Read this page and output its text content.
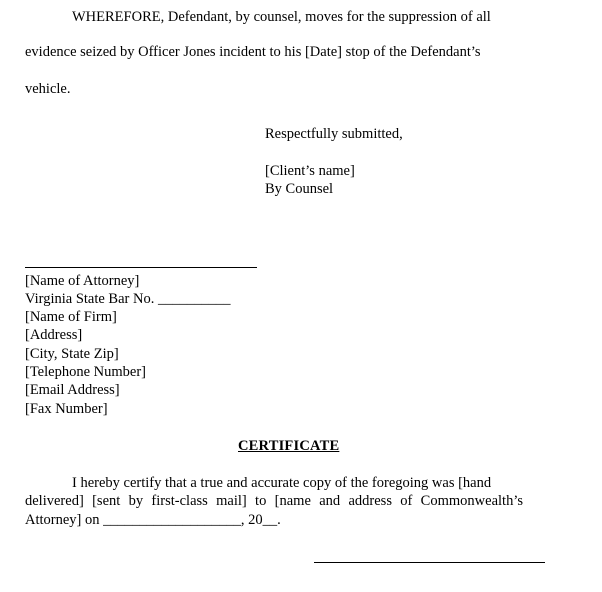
WHEREFORE, Defendant, by counsel, moves for the suppression of all
evidence seized by Officer Jones incident to his [Date] stop of the Defendant’s
vehicle.
Respectfully submitted,
[Client’s name]
By Counsel
[Name of Attorney]
Virginia State Bar No. __________
[Name of Firm]
[Address]
[City, State Zip]
[Telephone Number]
[Email Address]
[Fax Number]
CERTIFICATE
I hereby certify that a true and accurate copy of the foregoing was [hand
delivered] [sent by first-class mail] to [name and address of Commonwealth’s
Attorney] on ___________________, 20__.
